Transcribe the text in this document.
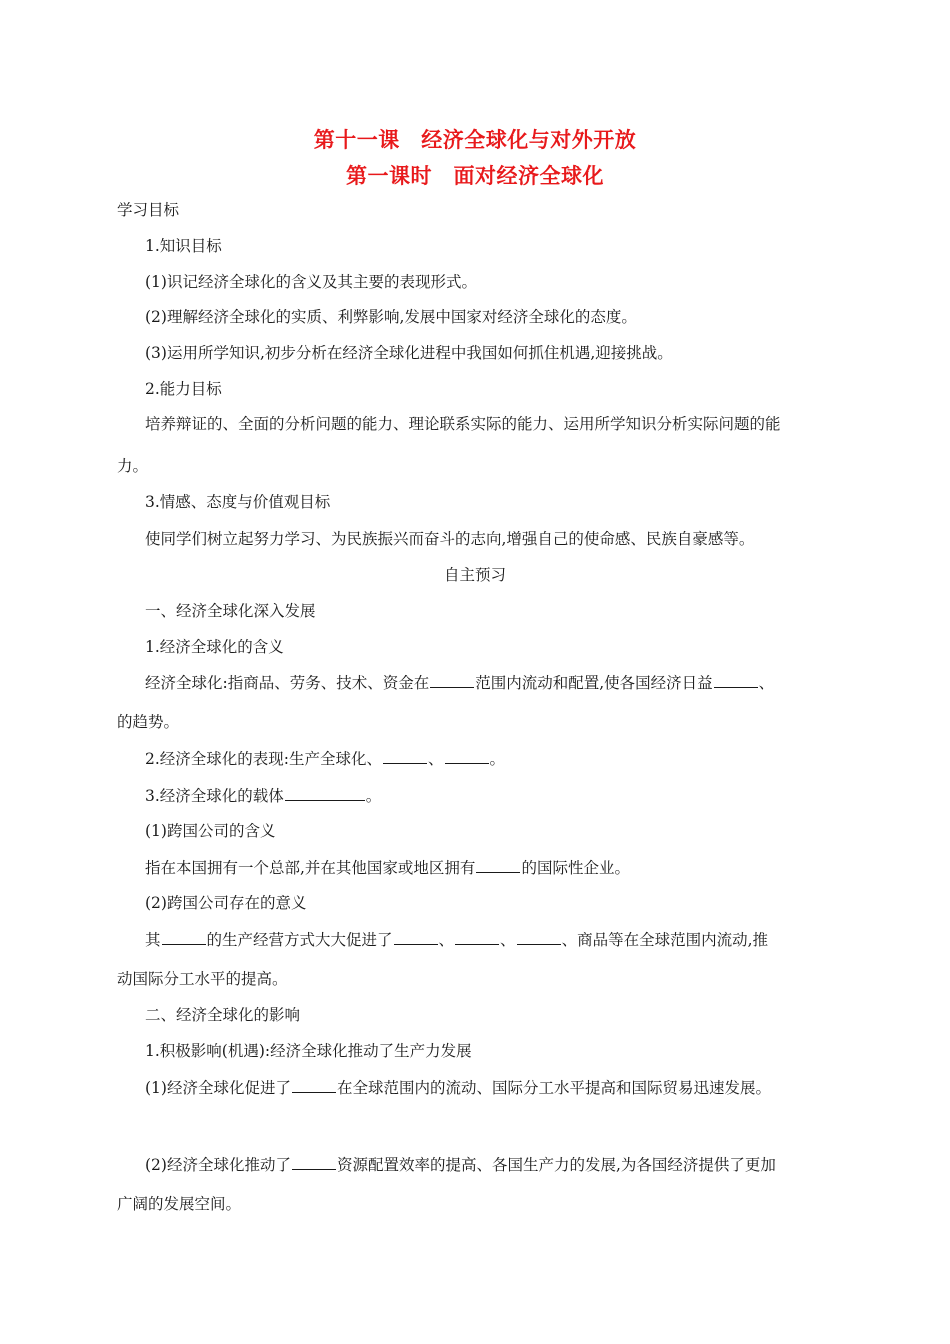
第十一课　经济全球化与对外开放
第一课时　面对经济全球化
学习目标
1.知识目标
(1)识记经济全球化的含义及其主要的表现形式。
(2)理解经济全球化的实质、利弊影响,发展中国家对经济全球化的态度。
(3)运用所学知识,初步分析在经济全球化进程中我国如何抓住机遇,迎接挑战。
2.能力目标
培养辩证的、全面的分析问题的能力、理论联系实际的能力、运用所学知识分析实际问题的能
力。
3.情感、态度与价值观目标
使同学们树立起努力学习、为民族振兴而奋斗的志向,增强自己的使命感、民族自豪感等。
自主预习
一、经济全球化深入发展
1.经济全球化的含义
经济全球化:指商品、劳务、技术、资金在	范围内流动和配置,使各国经济日益	、
的趋势。
2.经济全球化的表现:生产全球化、	、	。
3.经济全球化的载体	。
(1)跨国公司的含义
指在本国拥有一个总部,并在其他国家或地区拥有	的国际性企业。
(2)跨国公司存在的意义
其	的生产经营方式大大促进了	、	、	、商品等在全球范围内流动,推
动国际分工水平的提高。
二、经济全球化的影响
1.积极影响(机遇):经济全球化推动了生产力发展
(1)经济全球化促进了	在全球范围内的流动、国际分工水平提高和国际贸易迅速发展。
(2)经济全球化推动了	资源配置效率的提高、各国生产力的发展,为各国经济提供了更加
广阔的发展空间。
